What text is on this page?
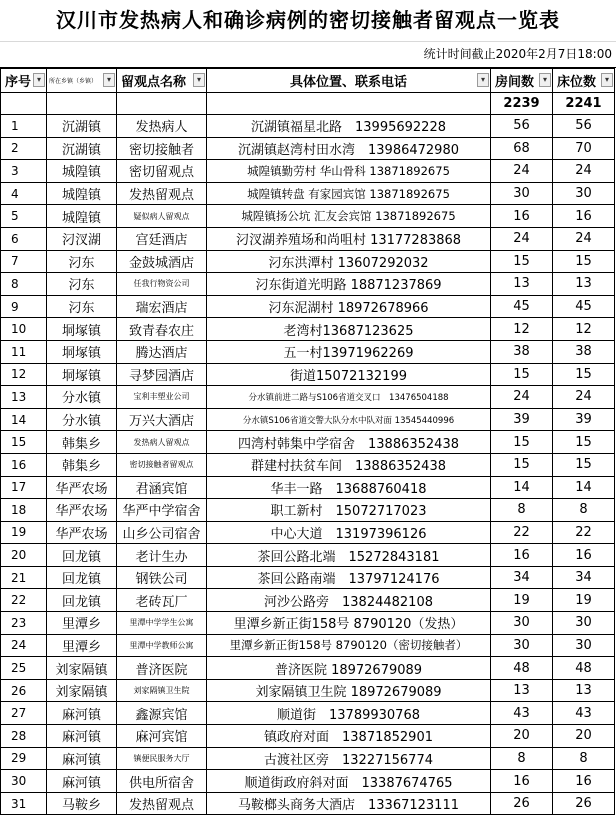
汉川市发热病人和确诊病例的密切接触者留观点一览表
统计时间截止2020年2月7日18:00
序号 ▾	所在乡镇（乡镇） ▾	留观点名称 ▾	具体位置、联系电话 ▾	房间数 ▾	床位数 ▾

				2239	2241
1	沉湖镇	发热病人	沉湖镇福星北路　13995692228	56	56
2	沉湖镇	密切接触者	沉湖镇赵湾村田水湾　13986472980	68	70
3	城隍镇	密切留观点	城隍镇勤劳村 华山骨科 13871892675	24	24
4	城隍镇	发热留观点	城隍镇转盘 有家园宾馆 13871892675	30	30
5	城隍镇	疑似病人留观点	城隍镇扬公坑 汇友会宾馆 13871892675	16	16
6	汈汊湖	宫廷酒店	汈汊湖养殖场和尚咀村 13177283868	24	24
7	汈东	金鼓城酒店	汈东洪潭村 13607292032	15	15
8	汈东	任我行物资公司	汈东街道光明路 18871237869	13	13
9	汈东	瑞宏酒店	汈东泥湖村 18972678966	45	45
10	垌塚镇	致青春农庄	老湾村13687123625	12	12
11	垌塚镇	腾达酒店	五一村13971962269	38	38
12	垌塚镇	寻梦园酒店	街道15072132199	15	15
13	分水镇	宝利丰塑业公司	分水镇前进二路与S106省道交叉口　13476504188	24	24
14	分水镇	万兴大酒店	分水镇S106省道交警大队分水中队对面 13545440996	39	39
15	韩集乡	发热病人留观点	四湾村韩集中学宿舍　13886352438	15	15
16	韩集乡	密切接触者留观点	群建村扶贫车间　13886352438	15	15
17	华严农场	君涵宾馆	华丰一路　13688760418	14	14
18	华严农场	华严中学宿舍	职工新村　15072717023	8	8
19	华严农场	山乡公司宿舍	中心大道　13197396126	22	22
20	回龙镇	老计生办	茶回公路北端　15272843181	16	16
21	回龙镇	钢铁公司	茶回公路南端　13797124176	34	34
22	回龙镇	老砖瓦厂	河沙公路旁　13824482108	19	19
23	里潭乡	里潭中学学生公寓	里潭乡新正街158号 8790120（发热）	30	30
24	里潭乡	里潭中学教师公寓	里潭乡新正街158号 8790120（密切接触者）	30	30
25	刘家隔镇	普济医院	普济医院 18972679089	48	48
26	刘家隔镇	刘家隔镇卫生院	刘家隔镇卫生院 18972679089	13	13
27	麻河镇	鑫源宾馆	顺道街　13789930768	43	43
28	麻河镇	麻河宾馆	镇政府对面　13871852901	20	20
29	麻河镇	镇便民服务大厅	古渡社区旁　13227156774	8	8
30	麻河镇	供电所宿舍	顺道街政府斜对面　13387674765	16	16
31	马鞍乡	发热留观点	马鞍榔头商务大酒店　13367123111	26	26
